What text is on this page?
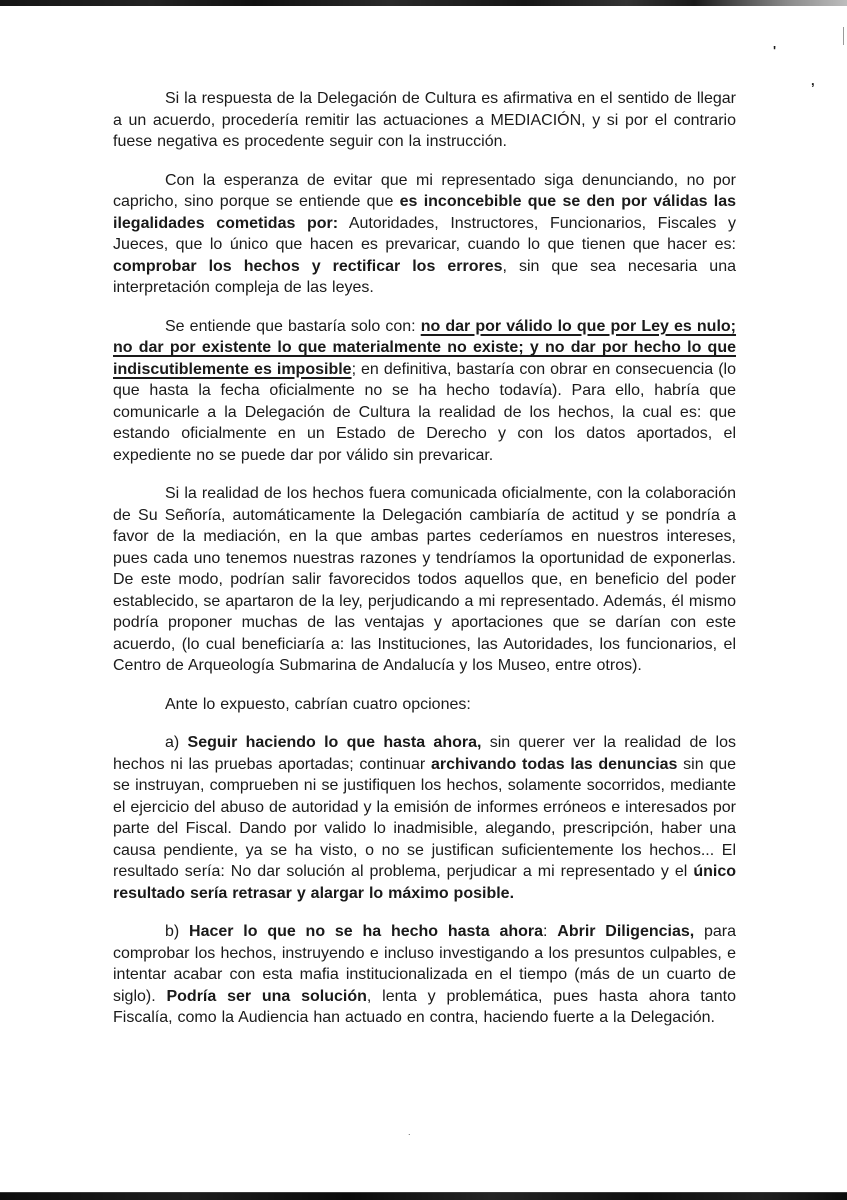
'
,
.

Si la respuesta de la Delegación de Cultura es afirmativa en el sentido de llegar a un acuerdo, procedería remitir las actuaciones a MEDIACIÓN, y si por el contrario fuese negativa es procedente seguir con la instrucción.

Con la esperanza de evitar que mi representado siga denunciando, no por capricho, sino porque se entiende que es inconcebible que se den por válidas las ilegalidades cometidas por: Autoridades, Instructores, Funcionarios, Fiscales y Jueces, que lo único que hacen es prevaricar, cuando lo que tienen que hacer es: comprobar los hechos y rectificar los errores, sin que sea necesaria una interpretación compleja de las leyes.

Se entiende que bastaría solo con: no dar por válido lo que por Ley es nulo; no dar por existente lo que materialmente no existe; y no dar por hecho lo que indiscutiblemente es imposible; en definitiva, bastaría con obrar en consecuencia (lo que hasta la fecha oficialmente no se ha hecho todavía). Para ello, habría que comunicarle a la Delegación de Cultura la realidad de los hechos, la cual es: que estando oficialmente en un Estado de Derecho y con los datos aportados, el expediente no se puede dar por válido sin prevaricar.

Si la realidad de los hechos fuera comunicada oficialmente, con la colaboración de Su Señoría, automáticamente la Delegación cambiaría de actitud y se pondría a favor de la mediación, en la que ambas partes cederíamos en nuestros intereses, pues cada uno tenemos nuestras razones y tendríamos la oportunidad de exponerlas. De este modo, podrían salir favorecidos todos aquellos que, en beneficio del poder establecido, se apartaron de la ley, perjudicando a mi representado. Además, él mismo podría proponer muchas de las ventajas y aportaciones que se darían con este acuerdo, (lo cual beneficiaría a: las Instituciones, las Autoridades, los funcionarios, el Centro de Arqueología Submarina de Andalucía y los Museo, entre otros).

Ante lo expuesto, cabrían cuatro opciones:

a) Seguir haciendo lo que hasta ahora, sin querer ver la realidad de los hechos ni las pruebas aportadas; continuar archivando todas las denuncias sin que se instruyan, comprueben ni se justifiquen los hechos, solamente socorridos, mediante el ejercicio del abuso de autoridad y la emisión de informes erróneos e interesados por parte del Fiscal. Dando por valido lo inadmisible, alegando, prescripción, haber una causa pendiente, ya se ha visto, o no se justifican suficientemente los hechos... El resultado sería: No dar solución al problema, perjudicar a mi representado y el único resultado sería retrasar y alargar lo máximo posible.

b) Hacer lo que no se ha hecho hasta ahora: Abrir Diligencias, para comprobar los hechos, instruyendo e incluso investigando a los presuntos culpables, e intentar acabar con esta mafia institucionalizada en el tiempo (más de un cuarto de siglo). Podría ser una solución, lenta y problemática, pues hasta ahora tanto Fiscalía, como la Audiencia han actuado en contra, haciendo fuerte a la Delegación.
